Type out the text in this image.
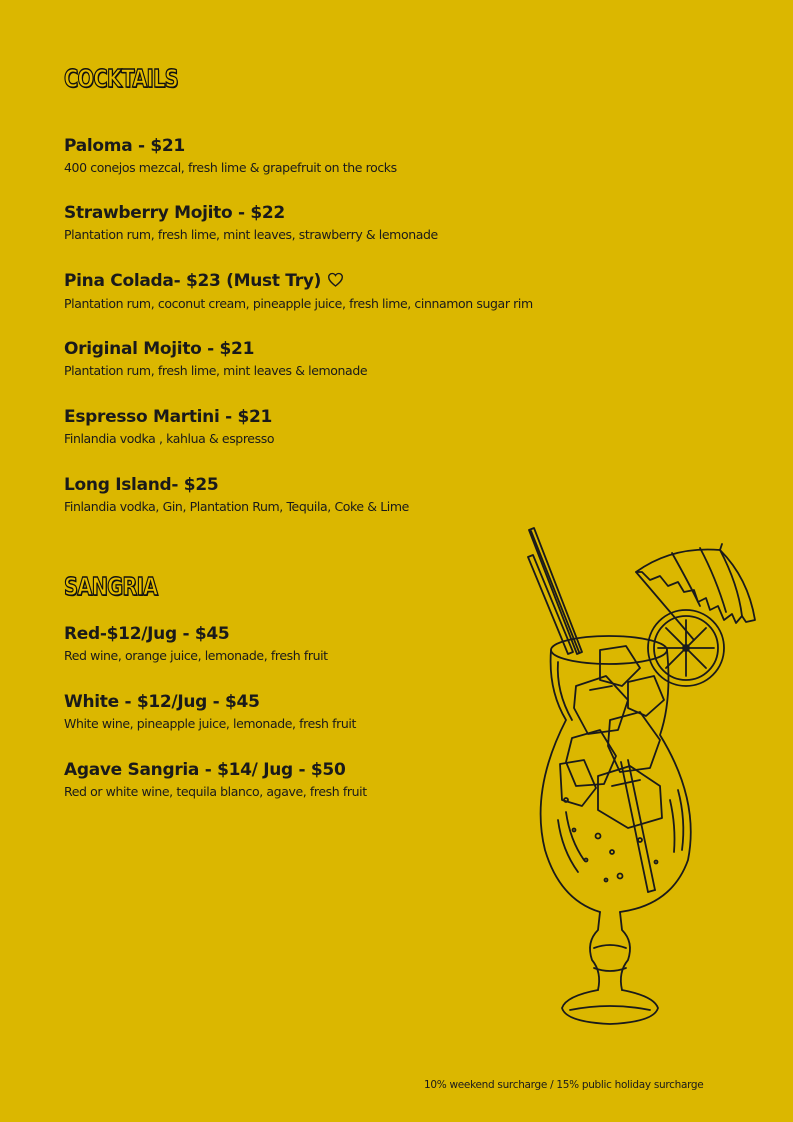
COCKTAILS
Paloma - $21
400 conejos mezcal, fresh lime & grapefruit on the rocks
Strawberry Mojito - $22
Plantation rum, fresh lime, mint leaves, strawberry & lemonade
Pina Colada- $23 (Must Try)
Plantation rum, coconut cream, pineapple juice, fresh lime, cinnamon sugar rim
Original Mojito - $21
Plantation rum, fresh lime, mint leaves & lemonade
Espresso Martini - $21
Finlandia vodka , kahlua & espresso
Long Island- $25
Finlandia vodka, Gin, Plantation Rum, Tequila, Coke & Lime
SANGRIA
Red-$12/Jug - $45
Red wine, orange juice, lemonade, fresh fruit
White - $12/Jug - $45
White wine, pineapple juice, lemonade, fresh fruit
Agave Sangria - $14/ Jug - $50
Red or white wine, tequila blanco, agave, fresh fruit
10% weekend surcharge / 15% public holiday surcharge
